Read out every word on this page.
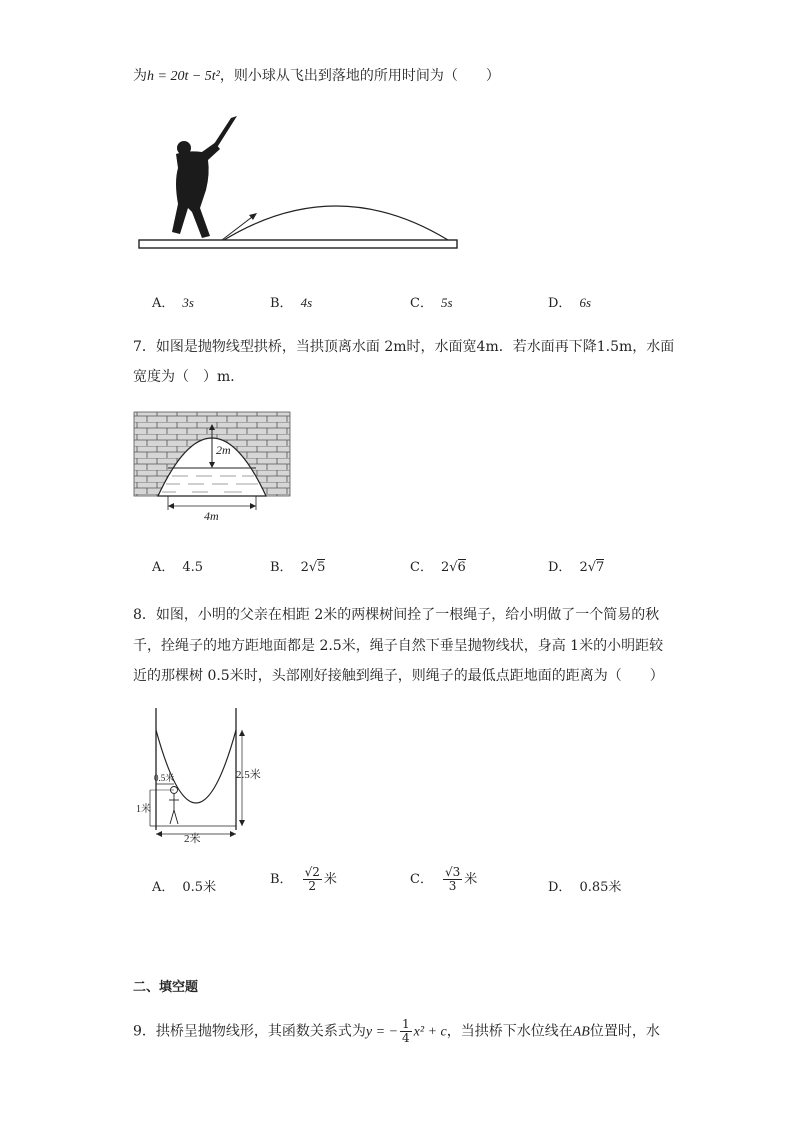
为h = 20t − 5t²，则小球从飞出到落地的所用时间为（　　）
A． 3s	B． 4s	C． 5s	D． 6s
7．如图是抛物线型拱桥，当拱顶离水面 2m时，水面宽4m．若水面再下降1.5m，水面
宽度为（　）m．
2m
4m
A． 4.5	B． 2√5	C． 2√6	D． 2√7
8．如图，小明的父亲在相距 2米的两棵树间拴了一根绳子，给小明做了一个简易的秋
千，拴绳子的地方距地面都是 2.5米，绳子自然下垂呈抛物线状，身高 1米的小明距较
近的那棵树 0.5米时，头部刚好接触到绳子，则绳子的最低点距地面的距离为（　　）
0.5米
1米
2.5米
2米
A． 0.5米
B． $\frac{√2}{2}$ 米	C． $\frac{√3}{3}$ 米
D． 0.85米
二、填空题
9．拱桥呈抛物线形，其函数关系式为y = − $\frac{1}{4} x^2 + c$，当拱桥下水位线在AB位置时，水
